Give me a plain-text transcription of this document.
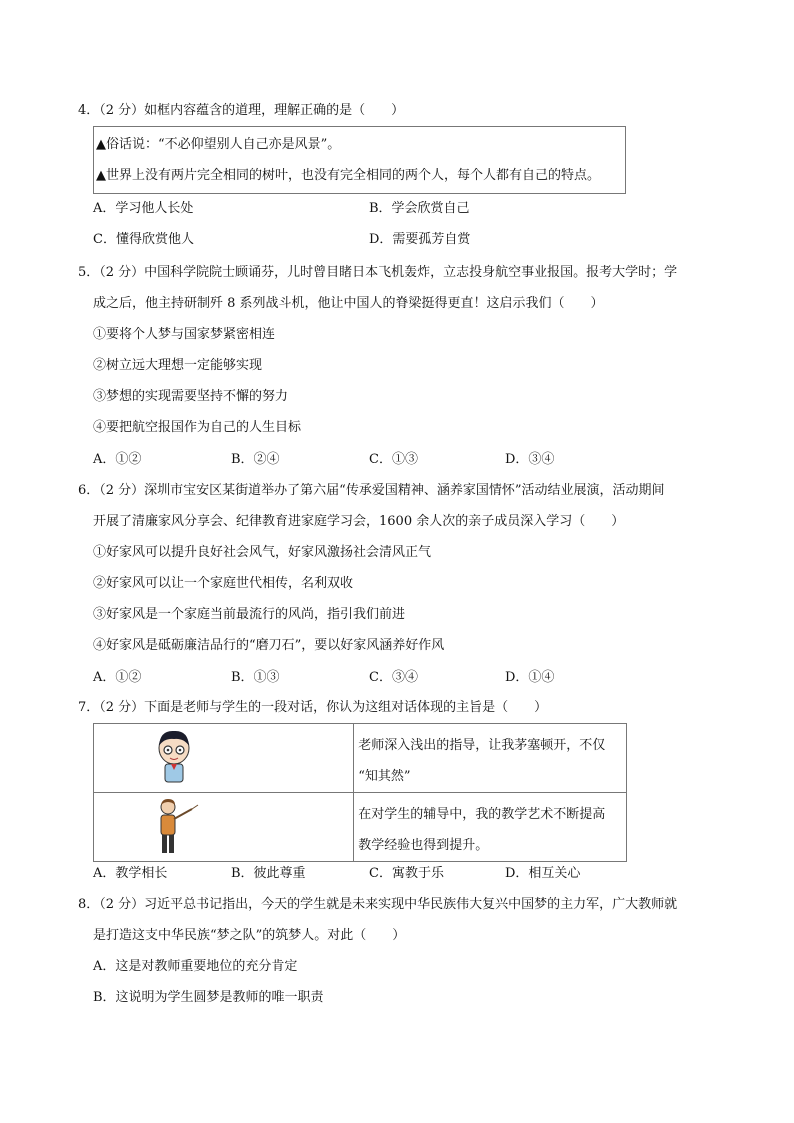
4．（2 分）如框内容蕴含的道理，理解正确的是（　　）
▲俗话说：“不必仰望别人自己亦是风景”。
▲世界上没有两片完全相同的树叶，也没有完全相同的两个人，每个人都有自己的特点。
A．学习他人长处	B．学会欣赏自己
C．懂得欣赏他人	D．需要孤芳自赏
5．（2 分）中国科学院院士顾诵芬，儿时曾目睹日本飞机轰炸，立志投身航空事业报国。报考大学时；学
成之后，他主持研制歼 8 系列战斗机，他让中国人的脊梁挺得更直！这启示我们（　　）
①要将个人梦与国家梦紧密相连
②树立远大理想一定能够实现
③梦想的实现需要坚持不懈的努力
④要把航空报国作为自己的人生目标
A．①②	B．②④	C．①③	D．③④
6．（2 分）深圳市宝安区某街道举办了第六届“传承爱国精神、涵养家国情怀”活动结业展演，活动期间
开展了清廉家风分享会、纪律教育进家庭学习会，1600 余人次的亲子成员深入学习（　　）
①好家风可以提升良好社会风气，好家风激扬社会清风正气
②好家风可以让一个家庭世代相传，名利双收
③好家风是一个家庭当前最流行的风尚，指引我们前进
④好家风是砥砺廉洁品行的“磨刀石”，要以好家风涵养好作风
A．①②	B．①③	C．③④	D．①④
7．（2 分）下面是老师与学生的一段对话，你认为这组对话体现的主旨是（　　）

老师深入浅出的指导，让我茅塞顿开，不仅
“知其然”

在对学生的辅导中，我的教学艺术不断提高
教学经验也得到提升。
A．教学相长	B．彼此尊重	C．寓教于乐	D．相互关心
8．（2 分）习近平总书记指出，今天的学生就是未来实现中华民族伟大复兴中国梦的主力军，广大教师就
是打造这支中华民族“梦之队”的筑梦人。对此（　　）
A．这是对教师重要地位的充分肯定
B．这说明为学生圆梦是教师的唯一职责
